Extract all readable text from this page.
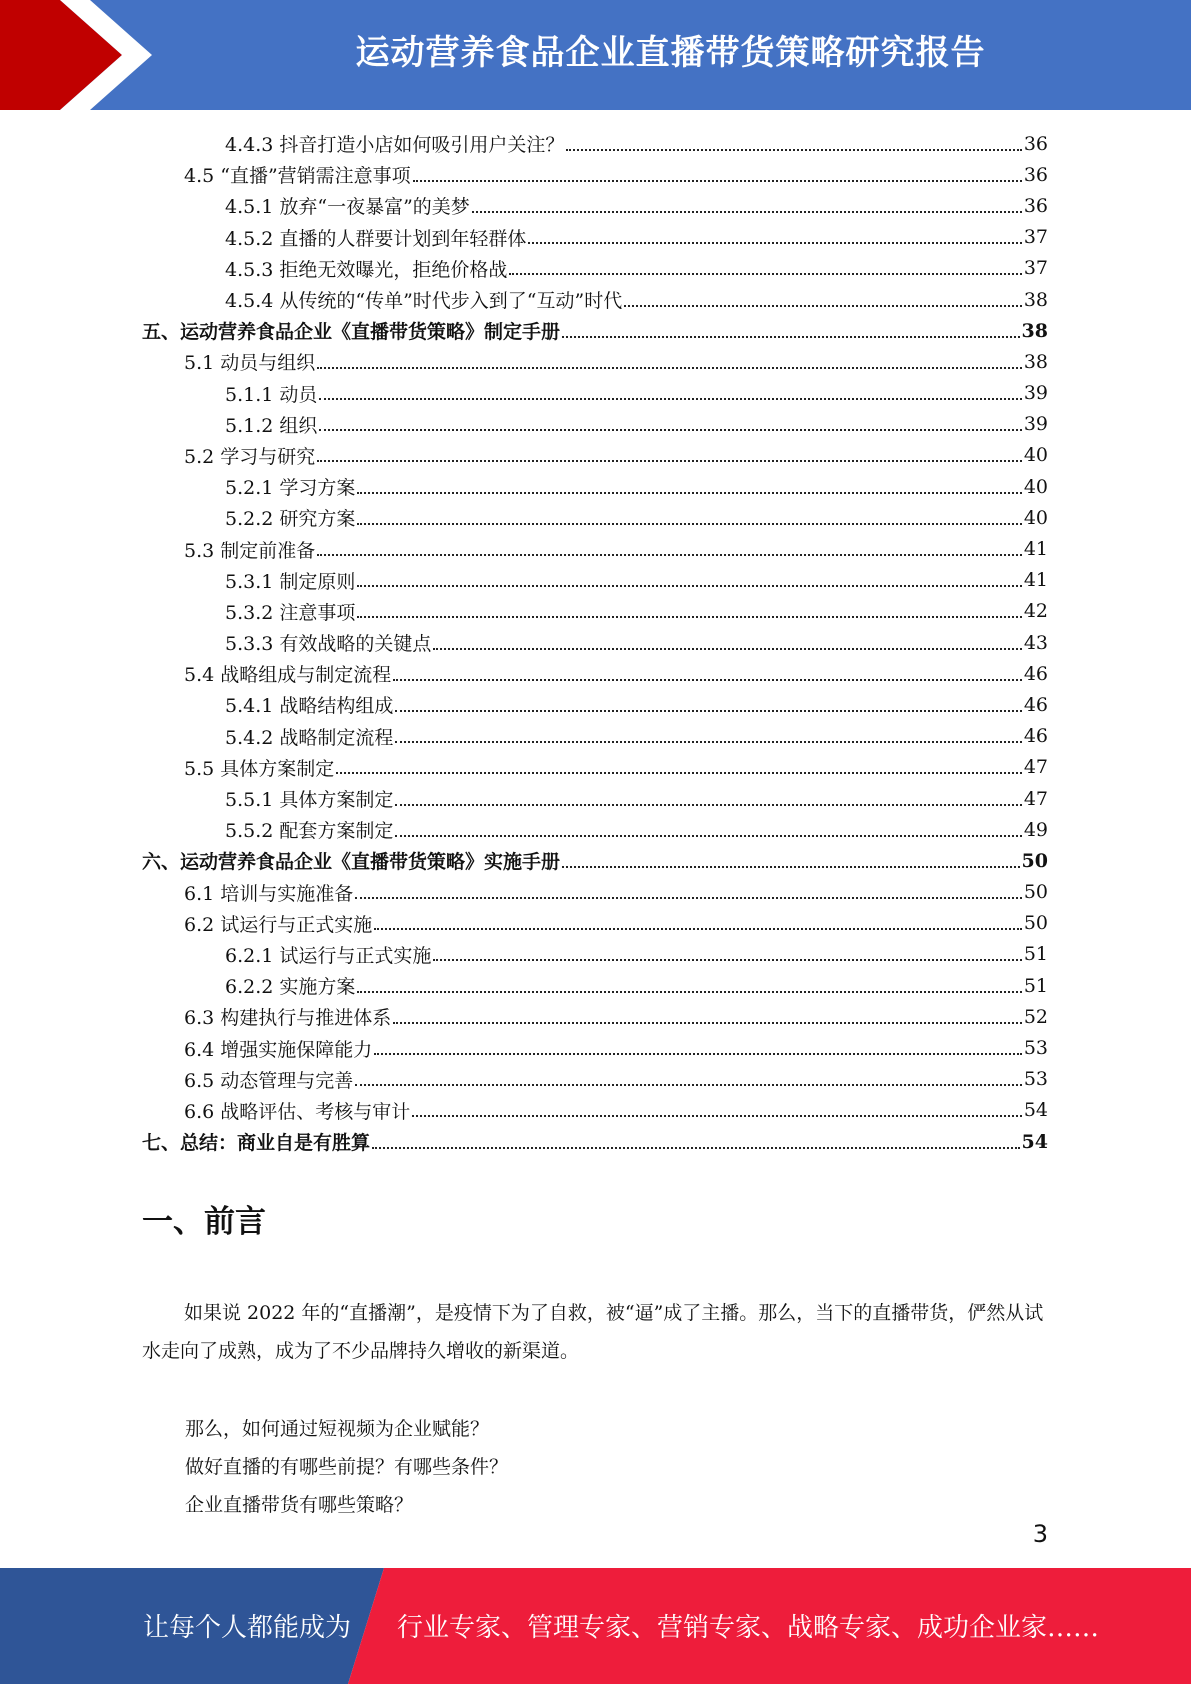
运动营养食品企业直播带货策略研究报告
4.4.3 抖音打造小店如何吸引用户关注？	36
4.5 “直播”营销需注意事项	36
4.5.1 放弃“一夜暴富”的美梦	36
4.5.2 直播的人群要计划到年轻群体	37
4.5.3 拒绝无效曝光，拒绝价格战	37
4.5.4 从传统的“传单”时代步入到了“互动”时代	38
五、运动营养食品企业《直播带货策略》制定手册	38
5.1 动员与组织	38
5.1.1 动员	39
5.1.2 组织	39
5.2 学习与研究	40
5.2.1 学习方案	40
5.2.2 研究方案	40
5.3 制定前准备	41
5.3.1 制定原则	41
5.3.2 注意事项	42
5.3.3 有效战略的关键点	43
5.4 战略组成与制定流程	46
5.4.1 战略结构组成	46
5.4.2 战略制定流程	46
5.5 具体方案制定	47
5.5.1 具体方案制定	47
5.5.2 配套方案制定	49
六、运动营养食品企业《直播带货策略》实施手册	50
6.1 培训与实施准备	50
6.2 试运行与正式实施	50
6.2.1 试运行与正式实施	51
6.2.2 实施方案	51
6.3 构建执行与推进体系	52
6.4 增强实施保障能力	53
6.5 动态管理与完善	53
6.6 战略评估、考核与审计	54
七、总结：商业自是有胜算	54
一、前言
如果说 2022 年的“直播潮”，是疫情下为了自救，被“逼”成了主播。那么，当下的直播带货，俨然从试水走向了成熟，成为了不少品牌持久增收的新渠道。
那么，如何通过短视频为企业赋能？
做好直播的有哪些前提？有哪些条件？
企业直播带货有哪些策略？
3
让每个人都能成为 行业专家、管理专家、营销专家、战略专家、成功企业家……
